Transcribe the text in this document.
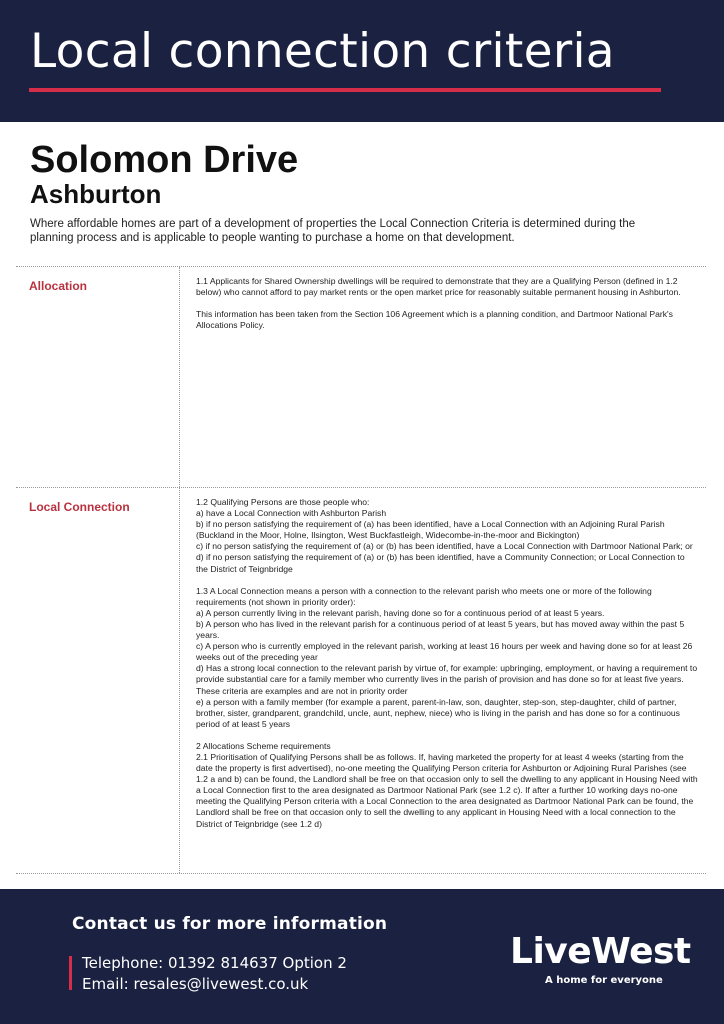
Local connection criteria
Solomon Drive
Ashburton

Where affordable homes are part of a development of properties the Local Connection Criteria is determined during the planning process and is applicable to people wanting to purchase a home on that development.

Allocation	1.1 Applicants for Shared Ownership dwellings will be required to demonstrate that they are a Qualifying Person (defined in 1.2 below) who cannot afford to pay market rents or the open market price for reasonably suitable permanent housing in Ashburton.

This information has been taken from the Section 106 Agreement which is a planning condition, and Dartmoor National Park's Allocations Policy.

Local Connection	1.2 Qualifying Persons are those people who:

a) have a Local Connection with Ashburton Parish

b) if no person satisfying the requirement of (a) has been identified, have a Local Connection with an Adjoining Rural Parish (Buckland in the Moor, Holne, Ilsington, West Buckfastleigh, Widecombe-in-the-moor and Bickington)

c) if no person satisfying the requirement of (a) or (b) has been identified, have a Local Connection with Dartmoor National Park; or

d) if no person satisfying the requirement of (a) or (b) has been identified, have a Community Connection; or Local Connection to the District of Teignbridge

1.3 A Local Connection means a person with a connection to the relevant parish who meets one or more of the following requirements (not shown in priority order):

a) A person currently living in the relevant parish, having done so for a continuous period of at least 5 years.

b) A person who has lived in the relevant parish for a continuous period of at least 5 years, but has moved away within the past 5 years.

c) A person who is currently employed in the relevant parish, working at least 16 hours per week and having done so for at least 26 weeks out of the preceding year

d) Has a strong local connection to the relevant parish by virtue of, for example: upbringing, employment, or having a requirement to provide substantial care for a family member who currently lives in the parish of provision and has done so for at least five years. These criteria are examples and are not in priority order

e) a person with a family member (for example a parent, parent-in-law, son, daughter, step-son, step-daughter, child of partner, brother, sister, grandparent, grandchild, uncle, aunt, nephew, niece) who is living in the parish and has done so for a continuous period of at least 5 years

2 Allocations Scheme requirements

2.1 Prioritisation of Qualifying Persons shall be as follows. If, having marketed the property for at least 4 weeks (starting from the date the property is first advertised), no-one meeting the Qualifying Person criteria for Ashburton or Adjoining Rural Parishes (see 1.2 a and b) can be found, the Landlord shall be free on that occasion only to sell the dwelling to any applicant in Housing Need with a Local Connection first to the area designated as Dartmoor National Park (see 1.2 c). If after a further 10 working days no-one meeting the Qualifying Person criteria with a Local Connection to the area designated as Dartmoor National Park can be found, the Landlord shall be free on that occasion only to sell the dwelling to any applicant in Housing Need with a local connection to the District of Teignbridge (see 1.2 d)

Contact us for more information

Telephone: 01392 814637 Option 2

Email: resales@livewest.co.uk

LiveWest

A home for everyone
